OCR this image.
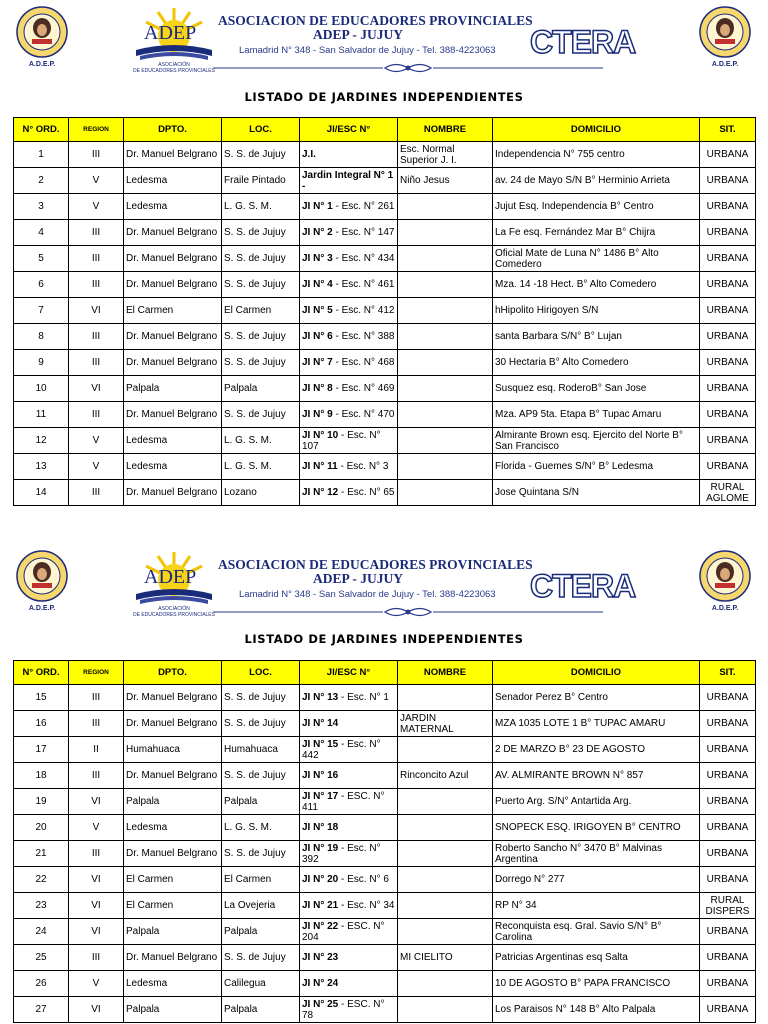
A.D.E.P.
ADEP
ASOCIACIÓN
DE EDUCADORES PROVINCIALES
ASOCIACION DE EDUCADORES PROVINCIALES
ADEP - JUJUY
Lamadrid N° 348 - San Salvador de Jujuy - Tel. 388-4223063 CTERA
A.D.E.P.
LISTADO DE JARDINES INDEPENDIENTES
N° ORD.	REGION	DPTO.	LOC.	JI/ESC N°	NOMBRE	DOMICILIO	SIT.
1	III	Dr. Manuel Belgrano	S. S. de Jujuy	J.I.	Esc. Normal Superior J. I.	Independencia N° 755 centro	URBANA
2	V	Ledesma	Fraile Pintado	Jardin Integral N° 1 -	Niño Jesus	av. 24 de Mayo S/N B° Herminio Arrieta	URBANA
3	V	Ledesma	L. G. S. M.	JI N° 1 - Esc. N° 261		Jujut Esq. Independencia B° Centro	URBANA
4	III	Dr. Manuel Belgrano	S. S. de Jujuy	JI N° 2 - Esc. N° 147		La Fe esq. Fernández Mar B° Chijra	URBANA
5	III	Dr. Manuel Belgrano	S. S. de Jujuy	JI N° 3 - Esc. N° 434		Oficial Mate de Luna N° 1486 B° Alto Comedero	URBANA
6	III	Dr. Manuel Belgrano	S. S. de Jujuy	JI N° 4 - Esc. N° 461		Mza. 14 -18 Hect. B° Alto Comedero	URBANA
7	VI	El Carmen	El Carmen	JI N° 5 - Esc. N° 412		hHipolito Hirigoyen S/N	URBANA
8	III	Dr. Manuel Belgrano	S. S. de Jujuy	JI N° 6 - Esc. N° 388		santa Barbara S/N° B° Lujan	URBANA
9	III	Dr. Manuel Belgrano	S. S. de Jujuy	JI N° 7 - Esc. N° 468		30 Hectaria B° Alto Comedero	URBANA
10	VI	Palpala	Palpala	JI N° 8 - Esc. N° 469		Susquez esq. RoderoB° San Jose	URBANA
11	III	Dr. Manuel Belgrano	S. S. de Jujuy	JI N° 9 - Esc. N° 470		Mza. AP9 5ta. Etapa B° Tupac Amaru	URBANA
12	V	Ledesma	L. G. S. M.	JI N° 10 - Esc. N° 107		Almirante Brown esq. Ejercito del Norte B° San Francisco	URBANA
13	V	Ledesma	L. G. S. M.	JI N° 11 - Esc. N° 3		Florida - Guemes S/N° B° Ledesma	URBANA
14	III	Dr. Manuel Belgrano	Lozano	JI N° 12 - Esc. N° 65		Jose Quintana S/N	RURAL AGLOME
A.D.E.P.
ADEP
ASOCIACIÓN
DE EDUCADORES PROVINCIALES
ASOCIACION DE EDUCADORES PROVINCIALES
ADEP - JUJUY
Lamadrid N° 348 - San Salvador de Jujuy - Tel. 388-4223063 CTERA
A.D.E.P.
LISTADO DE JARDINES INDEPENDIENTES
N° ORD.	REGION	DPTO.	LOC.	JI/ESC N°	NOMBRE	DOMICILIO	SIT.
15	III	Dr. Manuel Belgrano	S. S. de Jujuy	JI N° 13 - Esc. N° 1		Senador Perez B° Centro	URBANA
16	III	Dr. Manuel Belgrano	S. S. de Jujuy	JI N° 14	JARDIN MATERNAL	MZA 1035 LOTE 1 B° TUPAC AMARU	URBANA
17	II	Humahuaca	Humahuaca	JI N° 15 - Esc. N° 442		2 DE MARZO B° 23 DE AGOSTO	URBANA
18	III	Dr. Manuel Belgrano	S. S. de Jujuy	JI N° 16	Rinconcito Azul	AV. ALMIRANTE BROWN N° 857	URBANA
19	VI	Palpala	Palpala	JI N° 17 - ESC. N° 411		Puerto Arg. S/N° Antartida Arg.	URBANA
20	V	Ledesma	L. G. S. M.	JI N° 18		SNOPECK ESQ. IRIGOYEN B° CENTRO	URBANA
21	III	Dr. Manuel Belgrano	S. S. de Jujuy	JI N° 19 - Esc. N° 392		Roberto Sancho N° 3470 B° Malvinas Argentina	URBANA
22	VI	El Carmen	El Carmen	JI N° 20 - Esc. N° 6		Dorrego N° 277	URBANA
23	VI	El Carmen	La Ovejeria	JI N° 21 - Esc. N° 34		RP N° 34	RURAL DISPERS
24	VI	Palpala	Palpala	JI N° 22 - ESC. N° 204		Reconquista esq. Gral. Savio S/N° B° Carolina	URBANA
25	III	Dr. Manuel Belgrano	S. S. de Jujuy	JI N° 23	MI CIELITO	Patricias Argentinas esq Salta	URBANA
26	V	Ledesma	Calilegua	JI N° 24		10 DE AGOSTO B° PAPA FRANCISCO	URBANA
27	VI	Palpala	Palpala	JI N° 25 - ESC. N° 78		Los Paraisos N° 148 B° Alto Palpala	URBANA
